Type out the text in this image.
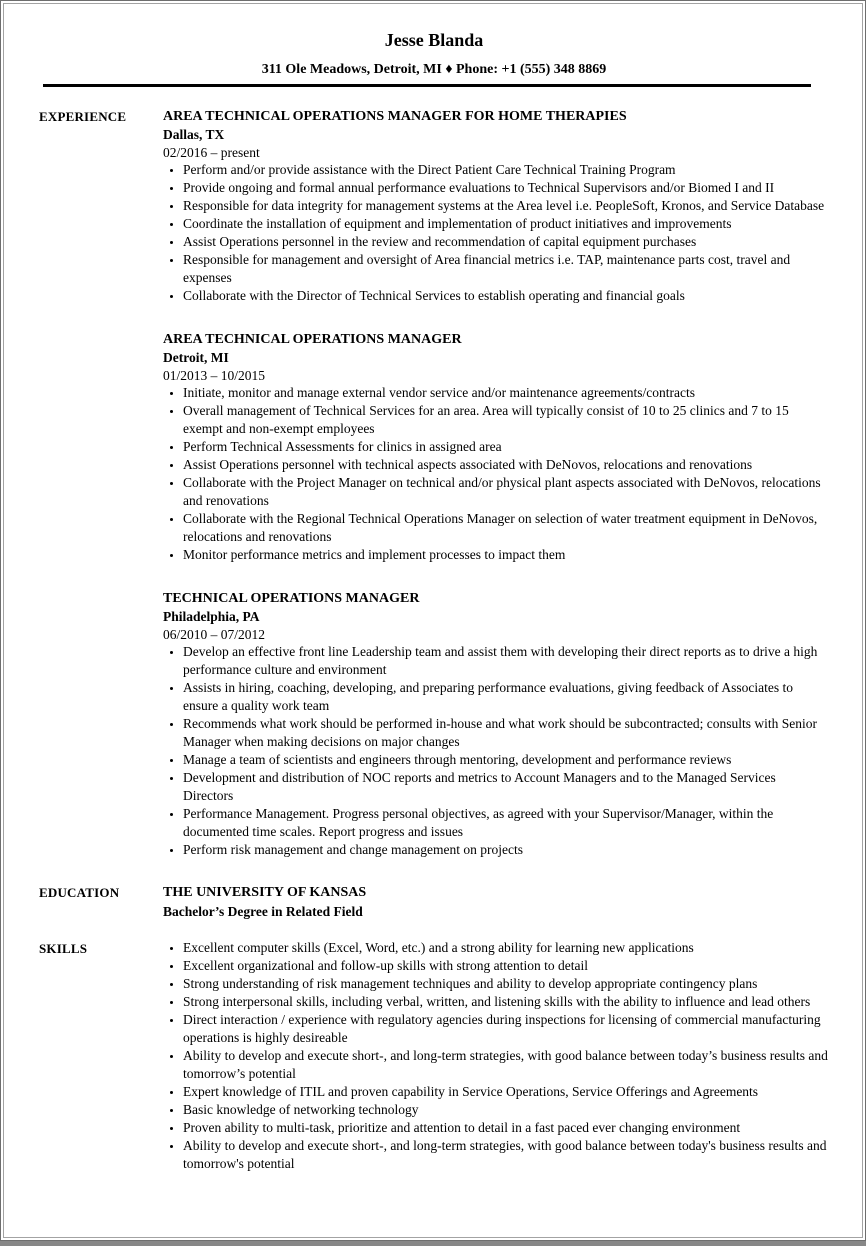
Jesse Blanda
311 Ole Meadows, Detroit, MI ♦ Phone: +1 (555) 348 8869
EXPERIENCE	AREA TECHNICAL OPERATIONS MANAGER FOR HOME THERAPIES
Dallas, TX
02/2016 – present
• Perform and/or provide assistance with the Direct Patient Care Technical Training Program
• Provide ongoing and formal annual performance evaluations to Technical Supervisors and/or Biomed I and II
• Responsible for data integrity for management systems at the Area level i.e. PeopleSoft, Kronos, and Service Database
• Coordinate the installation of equipment and implementation of product initiatives and improvements
• Assist Operations personnel in the review and recommendation of capital equipment purchases
• Responsible for management and oversight of Area financial metrics i.e. TAP, maintenance parts cost, travel and expenses
• Collaborate with the Director of Technical Services to establish operating and financial goals
AREA TECHNICAL OPERATIONS MANAGER
Detroit, MI
01/2013 – 10/2015
• Initiate, monitor and manage external vendor service and/or maintenance agreements/contracts
• Overall management of Technical Services for an area. Area will typically consist of 10 to 25 clinics and 7 to 15 exempt and non-exempt employees
• Perform Technical Assessments for clinics in assigned area
• Assist Operations personnel with technical aspects associated with DeNovos, relocations and renovations
• Collaborate with the Project Manager on technical and/or physical plant aspects associated with DeNovos, relocations and renovations
• Collaborate with the Regional Technical Operations Manager on selection of water treatment equipment in DeNovos, relocations and renovations
• Monitor performance metrics and implement processes to impact them
TECHNICAL OPERATIONS MANAGER
Philadelphia, PA
06/2010 – 07/2012
• Develop an effective front line Leadership team and assist them with developing their direct reports as to drive a high performance culture and environment
• Assists in hiring, coaching, developing, and preparing performance evaluations, giving feedback of Associates to ensure a quality work team
• Recommends what work should be performed in-house and what work should be subcontracted; consults with Senior Manager when making decisions on major changes
• Manage a team of scientists and engineers through mentoring, development and performance reviews
• Development and distribution of NOC reports and metrics to Account Managers and to the Managed Services Directors
• Performance Management. Progress personal objectives, as agreed with your Supervisor/Manager, within the documented time scales. Report progress and issues
• Perform risk management and change management on projects
EDUCATION	THE UNIVERSITY OF KANSAS
Bachelor’s Degree in Related Field
SKILLS	• Excellent computer skills (Excel, Word, etc.) and a strong ability for learning new applications
• Excellent organizational and follow-up skills with strong attention to detail
• Strong understanding of risk management techniques and ability to develop appropriate contingency plans
• Strong interpersonal skills, including verbal, written, and listening skills with the ability to influence and lead others
• Direct interaction / experience with regulatory agencies during inspections for licensing of commercial manufacturing operations is highly desireable
• Ability to develop and execute short-, and long-term strategies, with good balance between today’s business results and tomorrow’s potential
• Expert knowledge of ITIL and proven capability in Service Operations, Service Offerings and Agreements
• Basic knowledge of networking technology
• Proven ability to multi-task, prioritize and attention to detail in a fast paced ever changing environment
• Ability to develop and execute short-, and long-term strategies, with good balance between today's business results and tomorrow's potential
